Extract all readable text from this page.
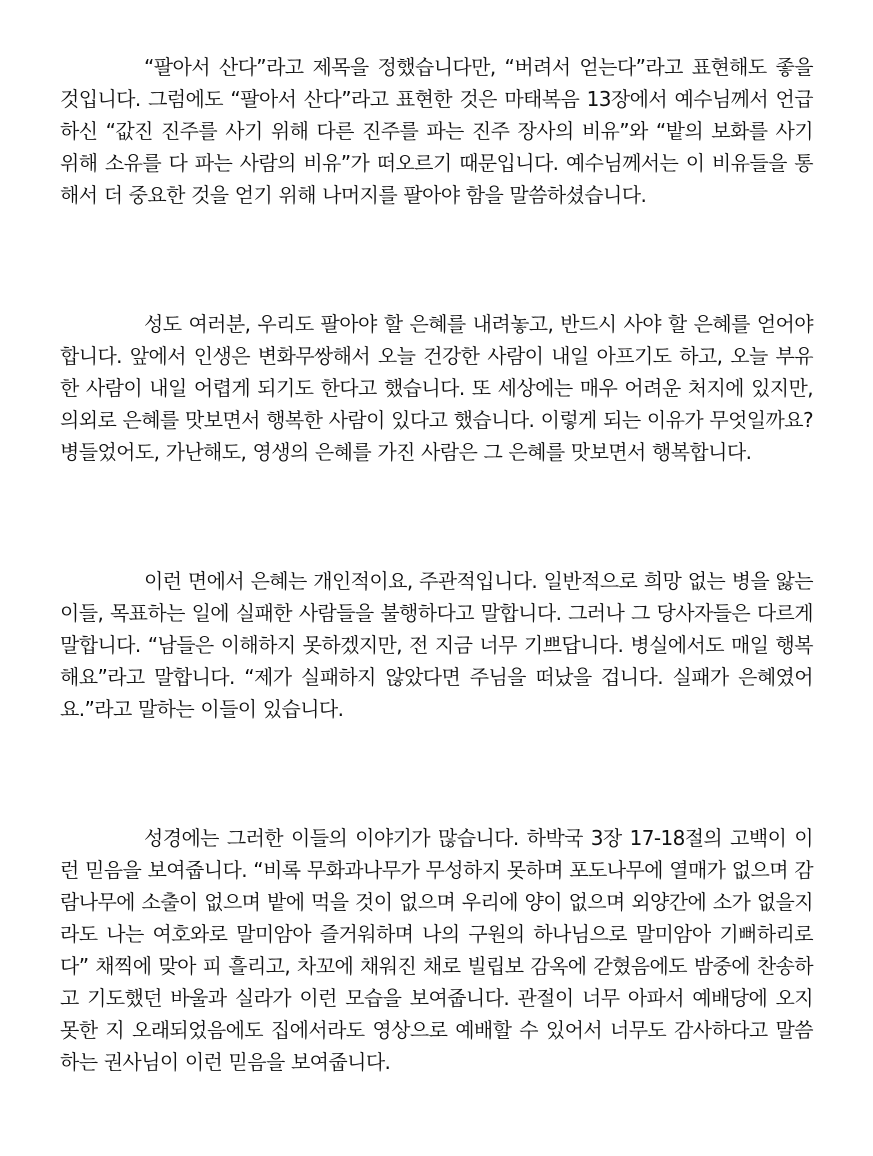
“팔아서 산다”라고 제목을 정했습니다만, “버려서 얻는다”라고 표현해도 좋을 것입니다. 그럼에도 “팔아서 산다”라고 표현한 것은 마태복음 13장에서 예수님께서 언급하신 “값진 진주를 사기 위해 다른 진주를 파는 진주 장사의 비유”와 “밭의 보화를 사기 위해 소유를 다 파는 사람의 비유”가 떠오르기 때문입니다. 예수님께서는 이 비유들을 통해서 더 중요한 것을 얻기 위해 나머지를 팔아야 함을 말씀하셨습니다.

성도 여러분, 우리도 팔아야 할 은혜를 내려놓고, 반드시 사야 할 은혜를 얻어야 합니다. 앞에서 인생은 변화무쌍해서 오늘 건강한 사람이 내일 아프기도 하고, 오늘 부유한 사람이 내일 어렵게 되기도 한다고 했습니다. 또 세상에는 매우 어려운 처지에 있지만, 의외로 은혜를 맛보면서 행복한 사람이 있다고 했습니다. 이렇게 되는 이유가 무엇일까요? 병들었어도, 가난해도, 영생의 은혜를 가진 사람은 그 은혜를 맛보면서 행복합니다.

이런 면에서 은혜는 개인적이요, 주관적입니다. 일반적으로 희망 없는 병을 앓는 이들, 목표하는 일에 실패한 사람들을 불행하다고 말합니다. 그러나 그 당사자들은 다르게 말합니다. “남들은 이해하지 못하겠지만, 전 지금 너무 기쁘답니다. 병실에서도 매일 행복해요”라고 말합니다. “제가 실패하지 않았다면 주님을 떠났을 겁니다. 실패가 은혜였어요.”라고 말하는 이들이 있습니다.

성경에는 그러한 이들의 이야기가 많습니다. 하박국 3장 17-18절의 고백이 이런 믿음을 보여줍니다. “비록 무화과나무가 무성하지 못하며 포도나무에 열매가 없으며 감람나무에 소출이 없으며 밭에 먹을 것이 없으며 우리에 양이 없으며 외양간에 소가 없을지라도 나는 여호와로 말미암아 즐거워하며 나의 구원의 하나님으로 말미암아 기뻐하리로다” 채찍에 맞아 피 흘리고, 차꼬에 채워진 채로 빌립보 감옥에 갇혔음에도 밤중에 찬송하고 기도했던 바울과 실라가 이런 모습을 보여줍니다. 관절이 너무 아파서 예배당에 오지 못한 지 오래되었음에도 집에서라도 영상으로 예배할 수 있어서 너무도 감사하다고 말씀하는 권사님이 이런 믿음을 보여줍니다.
